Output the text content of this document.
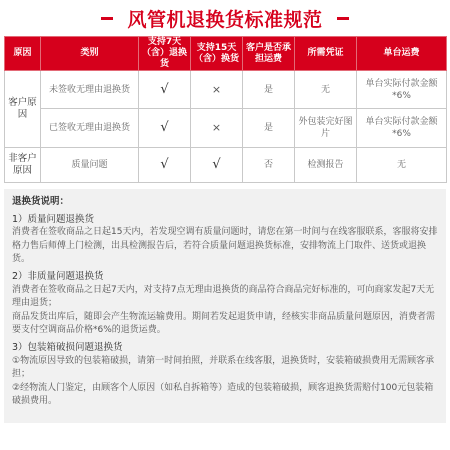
风管机退换货标准规范
原因	类别	支持7天（含）退换货	支持15天（含）换货	客户是否承担运费	所需凭证	单台运费
客户原因	未签收无理由退换货	√	×	是	无	单台实际付款金额*6%
	已签收无理由退换货	√	×	是	外包装完好图片	单台实际付款金额*6%
非客户原因	质量问题	√	√	否	检测报告	无
退换货说明：
1）质量问题退换货

消费者在签收商品之日起15天内，若发现空调有质量问题时，请您在第一时间与在线客服联系，客服将安排格力售后师傅上门检测，出具检测报告后，若符合质量问题退换货标准，安排物流上门取件、送货或退换货。

2）非质量问题退换货

消费者在签收商品之日起7天内，对支持7点无理由退换货的商品符合商品完好标准的，可向商家发起7天无理由退货；

商品发货出库后，随即会产生物流运输费用。期间若发起退货申请，经核实非商品质量问题原因，消费者需要支付空调商品价格*6%的退货运费。

3）包装箱破损问题退换货

①物流原因导致的包装箱破损，请第一时间拍照，并联系在线客服，退换货时，安装箱破损费用无需顾客承担；

②经物流人门鉴定，由顾客个人原因（如私自拆箱等）造成的包装箱破损，顾客退换货需赔付100元包装箱破损费用。
